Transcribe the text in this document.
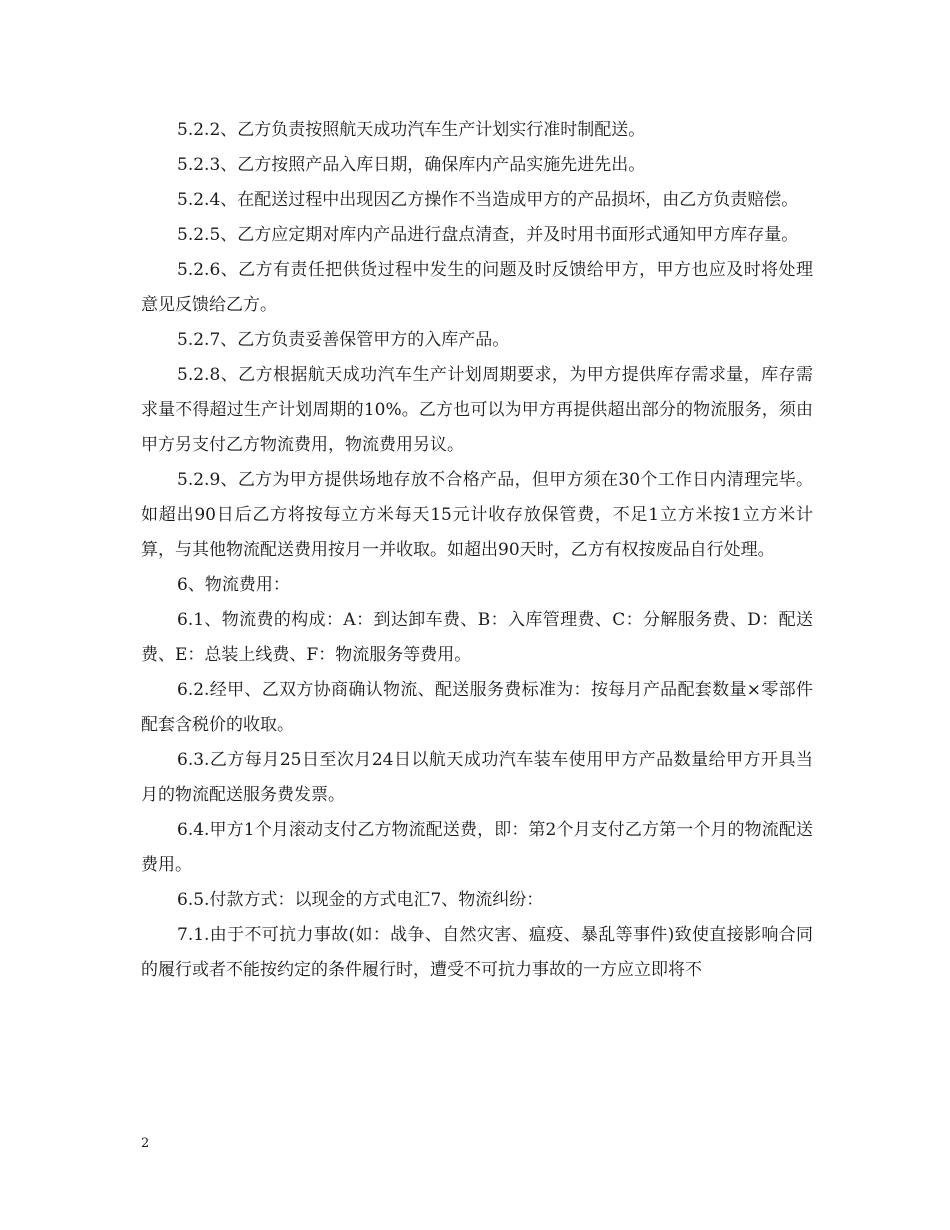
5.2.2、乙方负责按照航天成功汽车生产计划实行准时制配送。

5.2.3、乙方按照产品入库日期，确保库内产品实施先进先出。

5.2.4、在配送过程中出现因乙方操作不当造成甲方的产品损坏，由乙方负责赔偿。

5.2.5、乙方应定期对库内产品进行盘点清查，并及时用书面形式通知甲方库存量。

5.2.6、乙方有责任把供货过程中发生的问题及时反馈给甲方，甲方也应及时将处理意见反馈给乙方。

5.2.7、乙方负责妥善保管甲方的入库产品。

5.2.8、乙方根据航天成功汽车生产计划周期要求，为甲方提供库存需求量，库存需求量不得超过生产计划周期的10%。乙方也可以为甲方再提供超出部分的物流服务，须由甲方另支付乙方物流费用，物流费用另议。

5.2.9、乙方为甲方提供场地存放不合格产品，但甲方须在30个工作日内清理完毕。如超出90日后乙方将按每立方米每天15元计收存放保管费，不足1立方米按1立方米计算，与其他物流配送费用按月一并收取。如超出90天时，乙方有权按废品自行处理。

6、物流费用：

6.1、物流费的构成：A：到达卸车费、B：入库管理费、C：分解服务费、D：配送费、E：总装上线费、F：物流服务等费用。

6.2.经甲、乙双方协商确认物流、配送服务费标准为：按每月产品配套数量×零部件配套含税价的收取。

6.3.乙方每月25日至次月24日以航天成功汽车装车使用甲方产品数量给甲方开具当月的物流配送服务费发票。

6.4.甲方1个月滚动支付乙方物流配送费，即：第2个月支付乙方第一个月的物流配送费用。

6.5.付款方式：以现金的方式电汇7、物流纠纷：

7.1.由于不可抗力事故(如：战争、自然灾害、瘟疫、暴乱等事件)致使直接影响合同的履行或者不能按约定的条件履行时，遭受不可抗力事故的一方应立即将不

2
